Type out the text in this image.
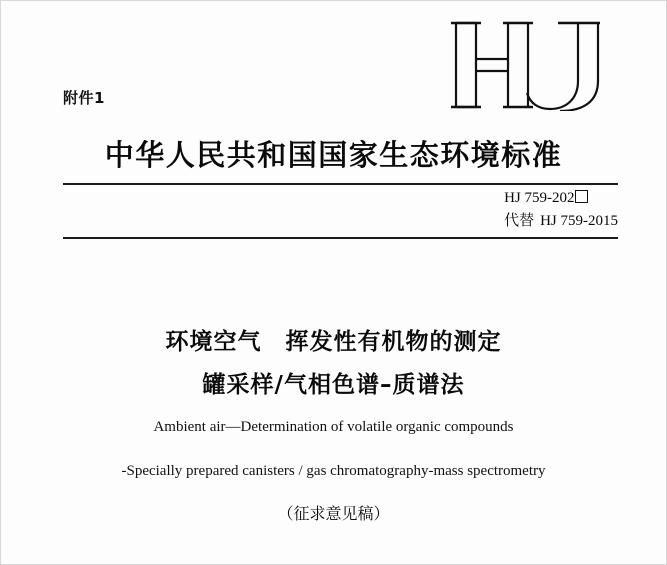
附件1
中华人民共和国国家生态环境标准
HJ 759-202
代替 HJ 759-2015
环境空气　挥发性有机物的测定
罐采样/气相色谱–质谱法
Ambient air—Determination of volatile organic compounds
-Specially prepared canisters / gas chromatography-mass spectrometry
（征求意见稿）
